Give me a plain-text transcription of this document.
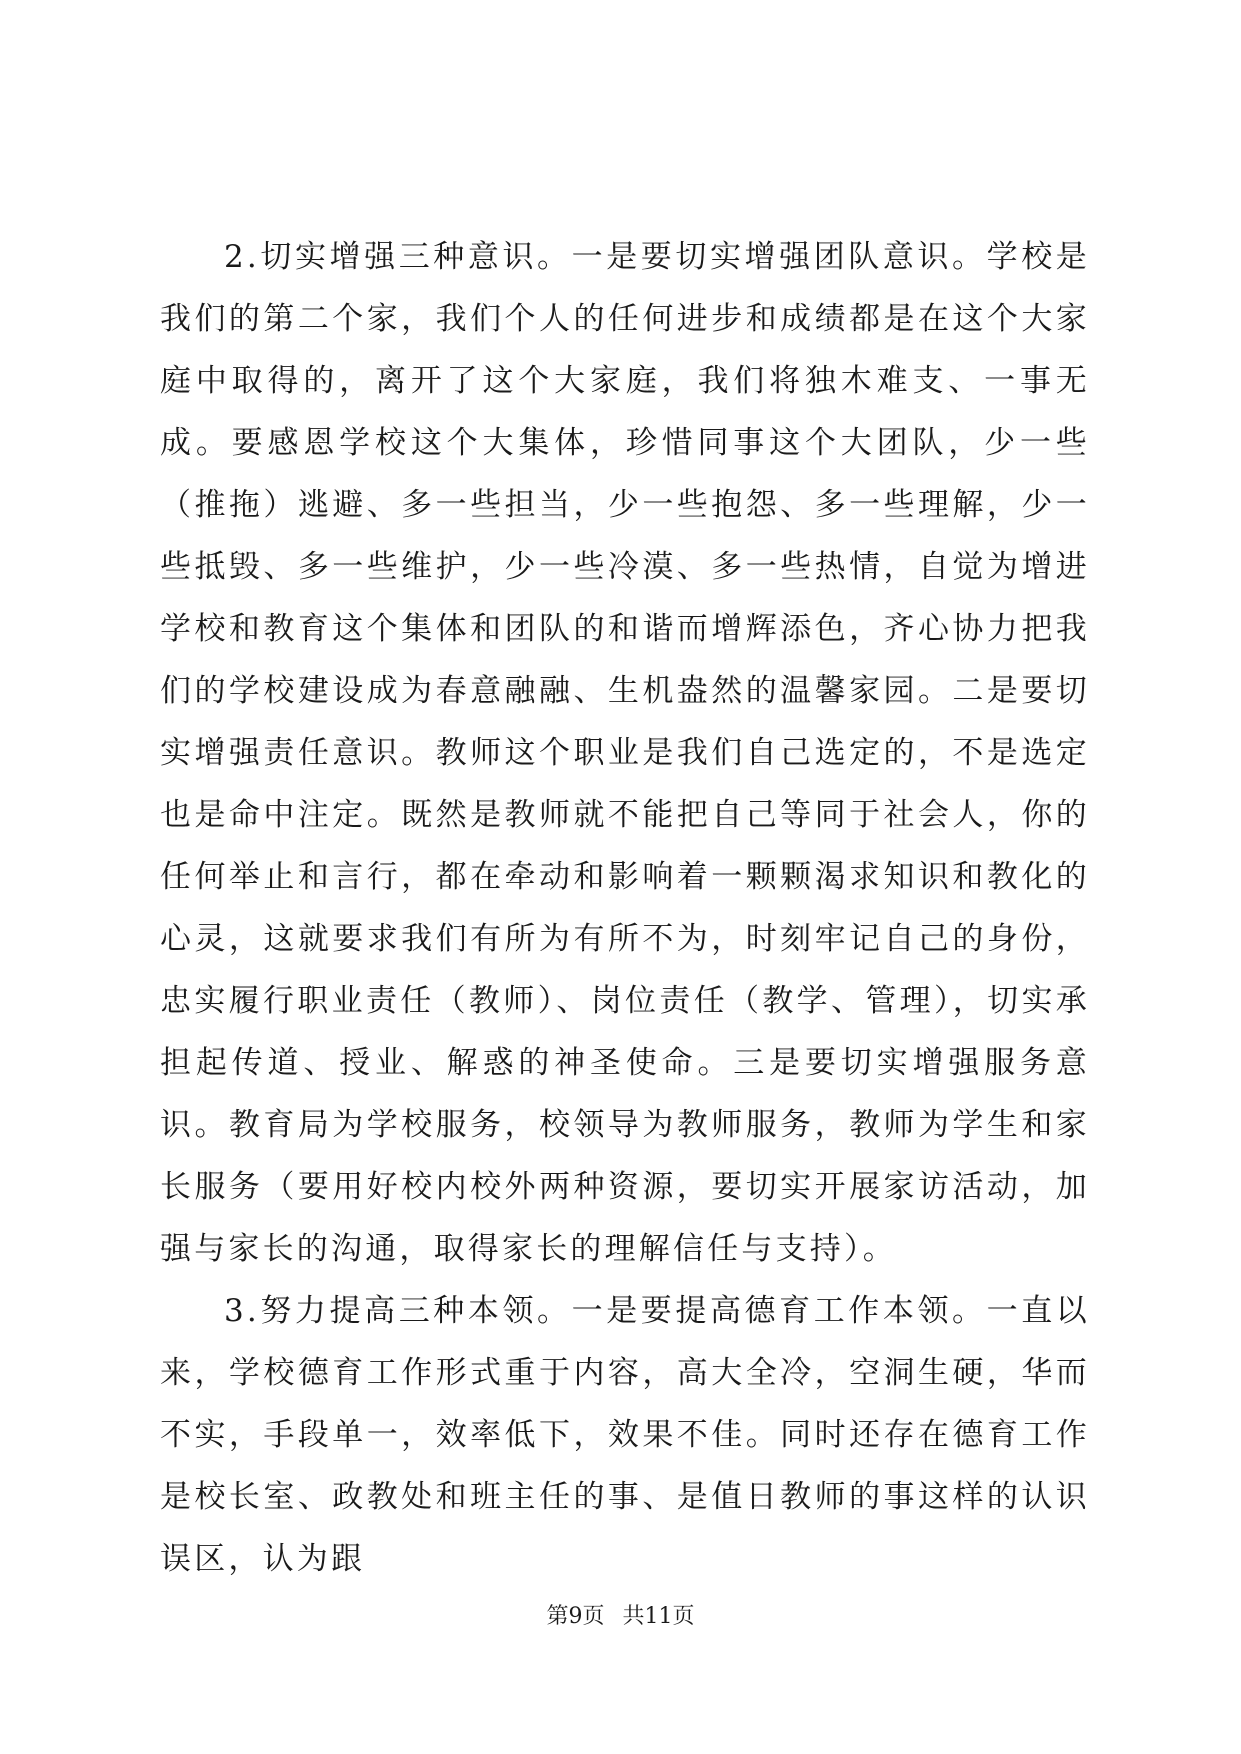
2.切实增强三种意识。一是要切实增强团队意识。学校是我们的第二个家，我们个人的任何进步和成绩都是在这个大家庭中取得的，离开了这个大家庭，我们将独木难支、一事无成。要感恩学校这个大集体，珍惜同事这个大团队，少一些（推拖）逃避、多一些担当，少一些抱怨、多一些理解，少一些抵毁、多一些维护，少一些冷漠、多一些热情，自觉为增进学校和教育这个集体和团队的和谐而增辉添色，齐心协力把我们的学校建设成为春意融融、生机盎然的温馨家园。二是要切实增强责任意识。教师这个职业是我们自己选定的，不是选定也是命中注定。既然是教师就不能把自己等同于社会人，你的任何举止和言行，都在牵动和影响着一颗颗渴求知识和教化的心灵，这就要求我们有所为有所不为，时刻牢记自己的身份，忠实履行职业责任（教师）、岗位责任（教学、管理），切实承担起传道、授业、解惑的神圣使命。三是要切实增强服务意识。教育局为学校服务，校领导为教师服务，教师为学生和家长服务（要用好校内校外两种资源，要切实开展家访活动，加强与家长的沟通，取得家长的理解信任与支持）。

3.努力提高三种本领。一是要提高德育工作本领。一直以来，学校德育工作形式重于内容，高大全冷，空洞生硬，华而不实，手段单一，效率低下，效果不佳。同时还存在德育工作是校长室、政教处和班主任的事、是值日教师的事这样的认识误区，认为跟

第9页 共11页
